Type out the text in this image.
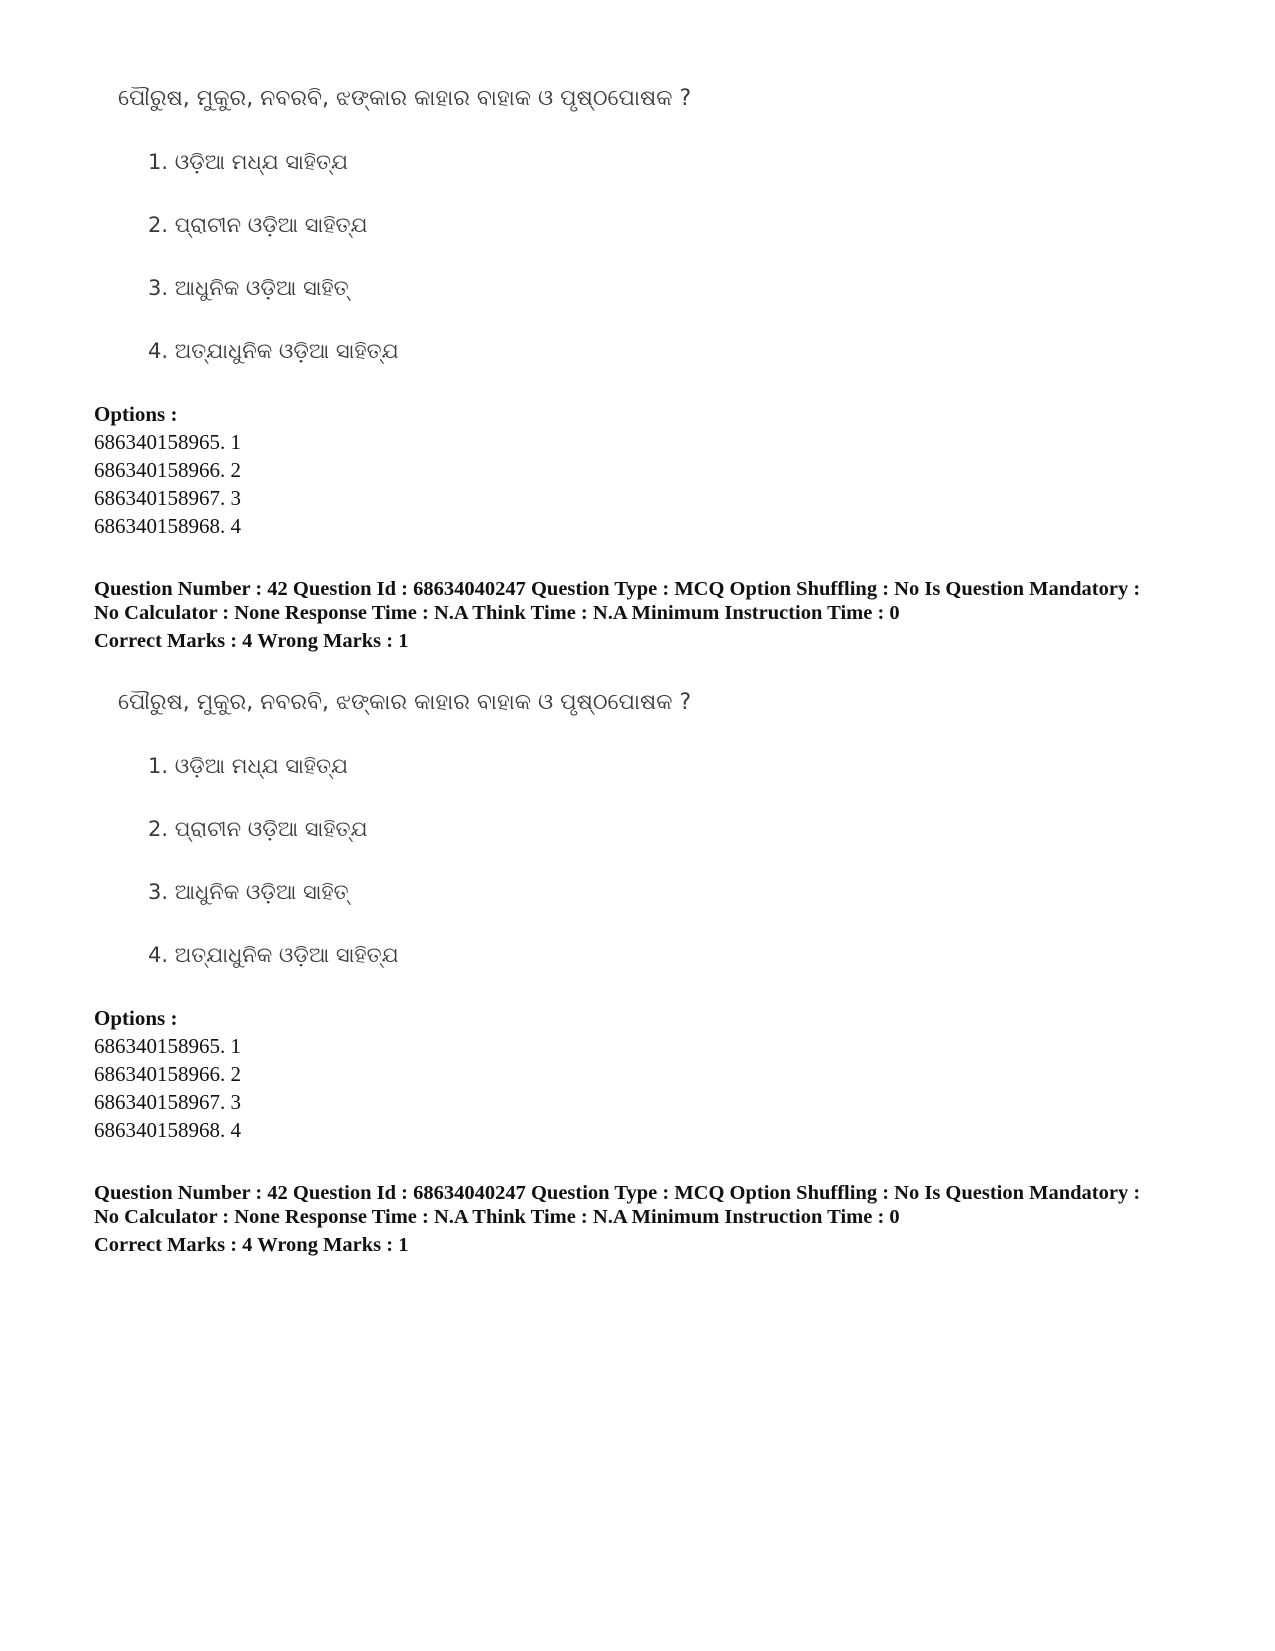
ପୌରୁଷ, ମୁକୁର, ନବରବି, ଝଙ୍କାର କାହାର ବାହାକ ଓ ପୃଷ୍ଠପୋଷକ ?
1. ଓଡ଼ିଆ ମଧ୍ଯ ସାହିତ୍ଯ
2. ପ୍ରାଚୀନ ଓଡ଼ିଆ ସାହିତ୍ଯ
3. ଆଧୁନିକ ଓଡ଼ିଆ ସାହିତ୍
4. ଅତ୍ଯାଧୁନିକ ଓଡ଼ିଆ ସାହିତ୍ଯ
Options :
686340158965. 1
686340158966. 2
686340158967. 3
686340158968. 4
Question Number : 42 Question Id : 68634040247 Question Type : MCQ Option Shuffling : No Is Question Mandatory :
No Calculator : None Response Time : N.A Think Time : N.A Minimum Instruction Time : 0
Correct Marks : 4 Wrong Marks : 1
ପୌରୁଷ, ମୁକୁର, ନବରବି, ଝଙ୍କାର କାହାର ବାହାକ ଓ ପୃଷ୍ଠପୋଷକ ?
1. ଓଡ଼ିଆ ମଧ୍ଯ ସାହିତ୍ଯ
2. ପ୍ରାଚୀନ ଓଡ଼ିଆ ସାହିତ୍ଯ
3. ଆଧୁନିକ ଓଡ଼ିଆ ସାହିତ୍
4. ଅତ୍ଯାଧୁନିକ ଓଡ଼ିଆ ସାହିତ୍ଯ
Options :
686340158965. 1
686340158966. 2
686340158967. 3
686340158968. 4
Question Number : 42 Question Id : 68634040247 Question Type : MCQ Option Shuffling : No Is Question Mandatory :
No Calculator : None Response Time : N.A Think Time : N.A Minimum Instruction Time : 0
Correct Marks : 4 Wrong Marks : 1
